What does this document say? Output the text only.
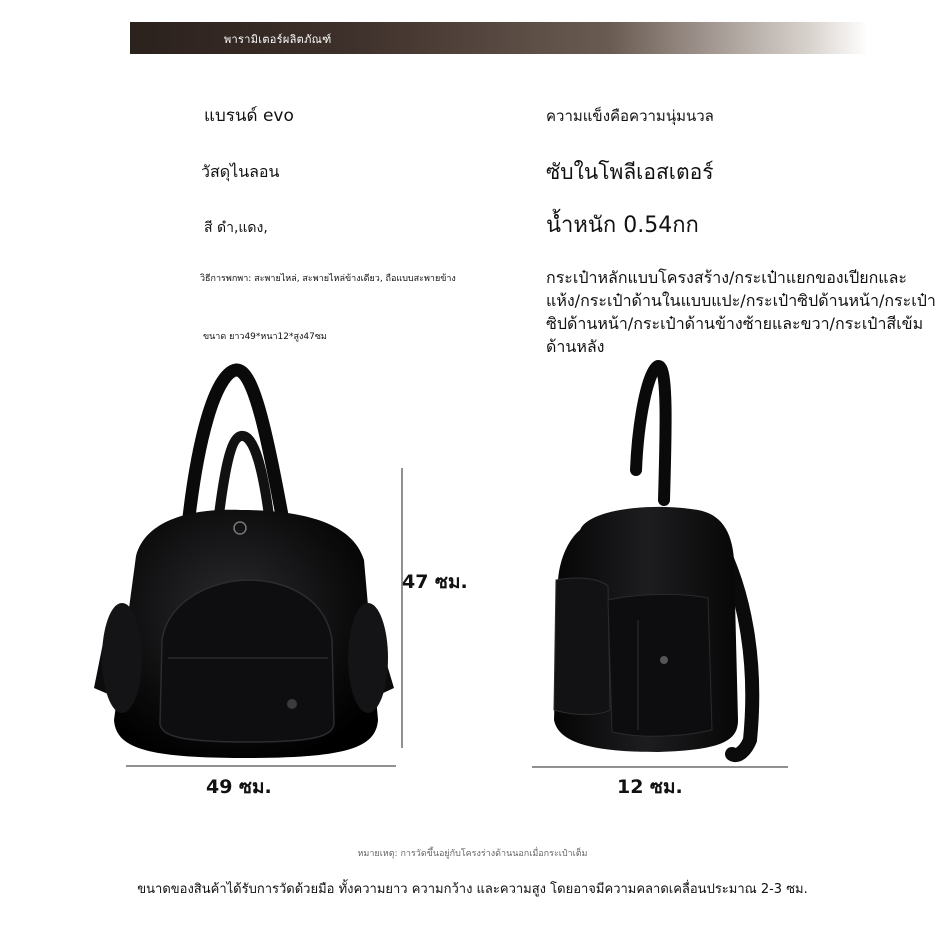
พารามิเตอร์ผลิตภัณฑ์
แบรนด์ evo
วัสดุไนลอน
สี ดำ,แดง,
วิธีการพกพา: สะพายไหล่, สะพายไหล่ข้างเดียว, ถือแบบสะพายข้าง
ขนาด ยาว49*หนา12*สูง47ซม
ความแข็งคือความนุ่มนวล
ซับในโพลีเอสเตอร์
น้ำหนัก 0.54กก
กระเป๋าหลักแบบโครงสร้าง/กระเป๋าแยกของเปียกและแห้ง/กระเป๋าด้านในแบบแปะ/กระเป๋าซิปด้านหน้า/กระเป๋าซิปด้านหน้า/กระเป๋าด้านข้างซ้ายและขวา/กระเป๋าสีเข้มด้านหลัง
47 ซม.
49 ซม.	12 ซม.
หมายเหตุ: การวัดขึ้นอยู่กับโครงร่างด้านนอกเมื่อกระเป๋าเต็ม
ขนาดของสินค้าได้รับการวัดด้วยมือ ทั้งความยาว ความกว้าง และความสูง โดยอาจมีความคลาดเคลื่อนประมาณ 2-3 ซม.
